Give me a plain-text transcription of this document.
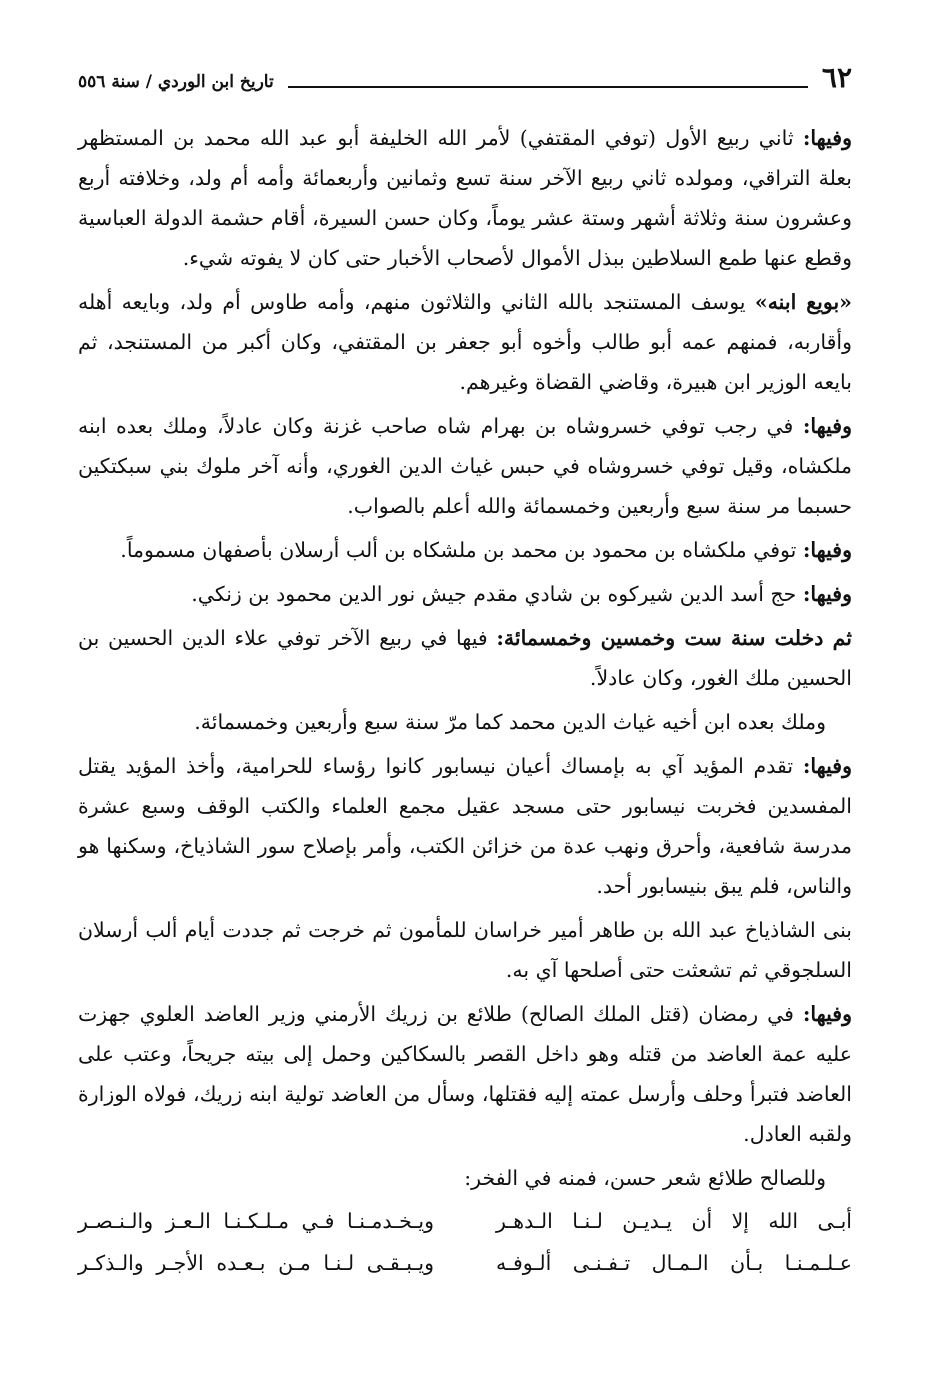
٦٢
تاريخ ابن الوردي / سنة ٥٥٦

وفيها: ثاني ربيع الأول (توفي المقتفي) لأمر الله الخليفة أبو عبد الله محمد بن المستظهر بعلة التراقي، ومولده ثاني ربيع الآخر سنة تسع وثمانين وأربعمائة وأمه أم ولد، وخلافته أربع وعشرون سنة وثلاثة أشهر وستة عشر يوماً، وكان حسن السيرة، أقام حشمة الدولة العباسية وقطع عنها طمع السلاطين ببذل الأموال لأصحاب الأخبار حتى كان لا يفوته شيء.

«بويع ابنه» يوسف المستنجد بالله الثاني والثلاثون منهم، وأمه طاوس أم ولد، وبايعه أهله وأقاربه، فمنهم عمه أبو طالب وأخوه أبو جعفر بن المقتفي، وكان أكبر من المستنجد، ثم بايعه الوزير ابن هبيرة، وقاضي القضاة وغيرهم.

وفيها: في رجب توفي خسروشاه بن بهرام شاه صاحب غزنة وكان عادلاً، وملك بعده ابنه ملكشاه، وقيل توفي خسروشاه في حبس غياث الدين الغوري، وأنه آخر ملوك بني سبكتكين حسبما مر سنة سبع وأربعين وخمسمائة والله أعلم بالصواب.

وفيها: توفي ملكشاه بن محمود بن محمد بن ملشكاه بن ألب أرسلان بأصفهان مسموماً.

وفيها: حج أسد الدين شيركوه بن شادي مقدم جيش نور الدين محمود بن زنكي.

ثم دخلت سنة ست وخمسين وخمسمائة: فيها في ربيع الآخر توفي علاء الدين الحسين بن الحسين ملك الغور، وكان عادلاً.

وملك بعده ابن أخيه غياث الدين محمد كما مرّ سنة سبع وأربعين وخمسمائة.

وفيها: تقدم المؤيد آي به بإمساك أعيان نيسابور كانوا رؤساء للحرامية، وأخذ المؤيد يقتل المفسدين فخربت نيسابور حتى مسجد عقيل مجمع العلماء والكتب الوقف وسبع عشرة مدرسة شافعية، وأحرق ونهب عدة من خزائن الكتب، وأمر بإصلاح سور الشاذياخ، وسكنها هو والناس، فلم يبق بنيسابور أحد.

بنى الشاذياخ عبد الله بن طاهر أمير خراسان للمأمون ثم خرجت ثم جددت أيام ألب أرسلان السلجوقي ثم تشعثت حتى أصلحها آي به.

وفيها: في رمضان (قتل الملك الصالح) طلائع بن زريك الأرمني وزير العاضد العلوي جهزت عليه عمة العاضد من قتله وهو داخل القصر بالسكاكين وحمل إلى بيته جريحاً، وعتب على العاضد فتبرأ وحلف وأرسل عمته إليه فقتلها، وسأل من العاضد تولية ابنه زريك، فولاه الوزارة ولقبه العادل.

وللصالح طلائع شعر حسن، فمنه في الفخر:

أبـى الله إلا أن يـديـن لـنـا الـدهـر
ويـخـدمـنـا فـي مـلـكـنـا الـعـز والـنـصـر
عـلـمـنـا بـأن الـمـال تـفـنـى ألـوفـه
ويـبـقـى لـنـا مـن بـعـده الأجـر والـذكـر
